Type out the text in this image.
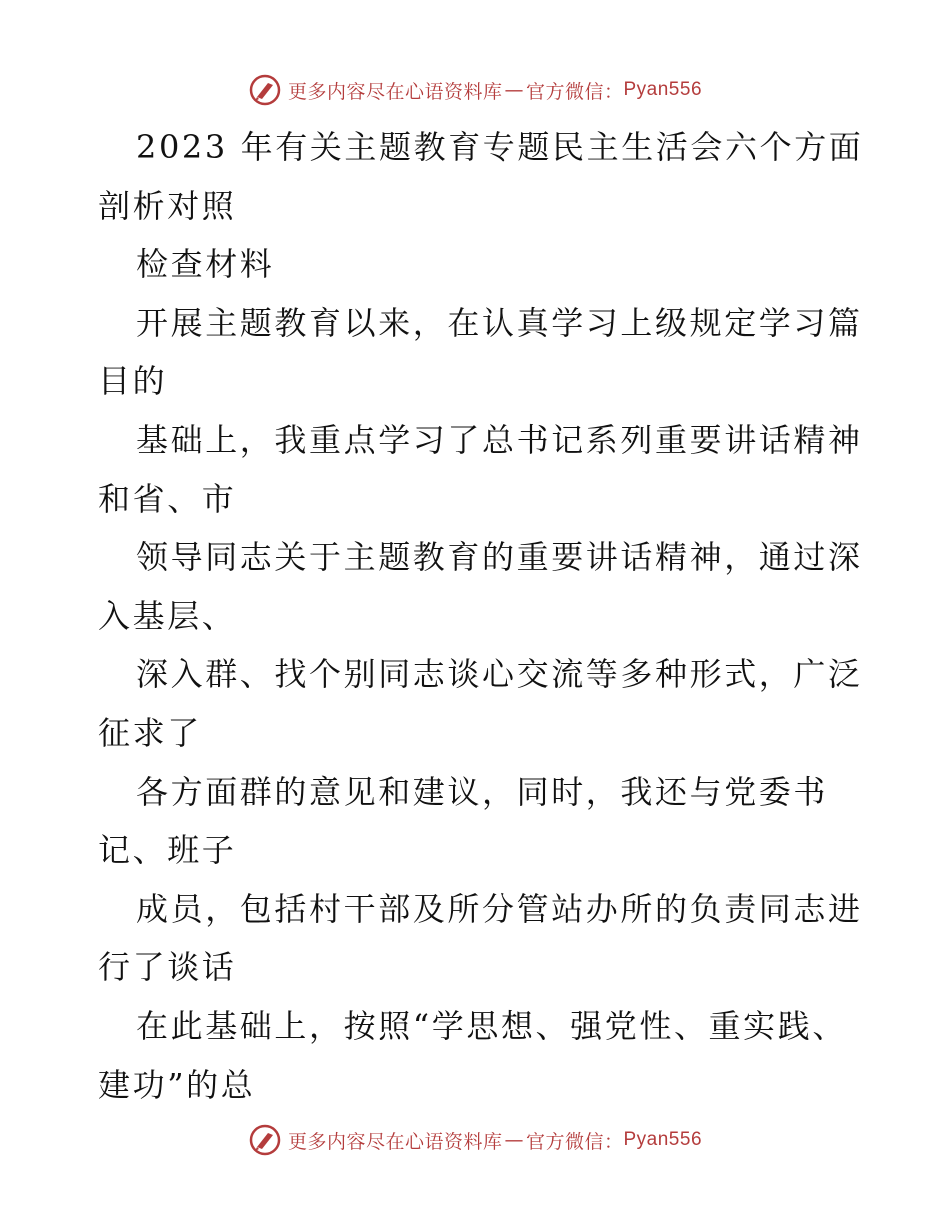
更多内容尽在心语资料库 — 官方微信： Pyan556
2023 年有关主题教育专题民主生活会六个方面
剖析对照
检查材料
开展主题教育以来，在认真学习上级规定学习篇
目的
基础上，我重点学习了总书记系列重要讲话精神
和省、市
领导同志关于主题教育的重要讲话精神，通过深
入基层、
深入群、找个别同志谈心交流等多种形式，广泛
征求了
各方面群的意见和建议，同时，我还与党委书
记、班子
成员，包括村干部及所分管站办所的负责同志进
行了谈话
在此基础上，按照“学思想、强党性、重实践、
建功”的总
更多内容尽在心语资料库 — 官方微信： Pyan556
